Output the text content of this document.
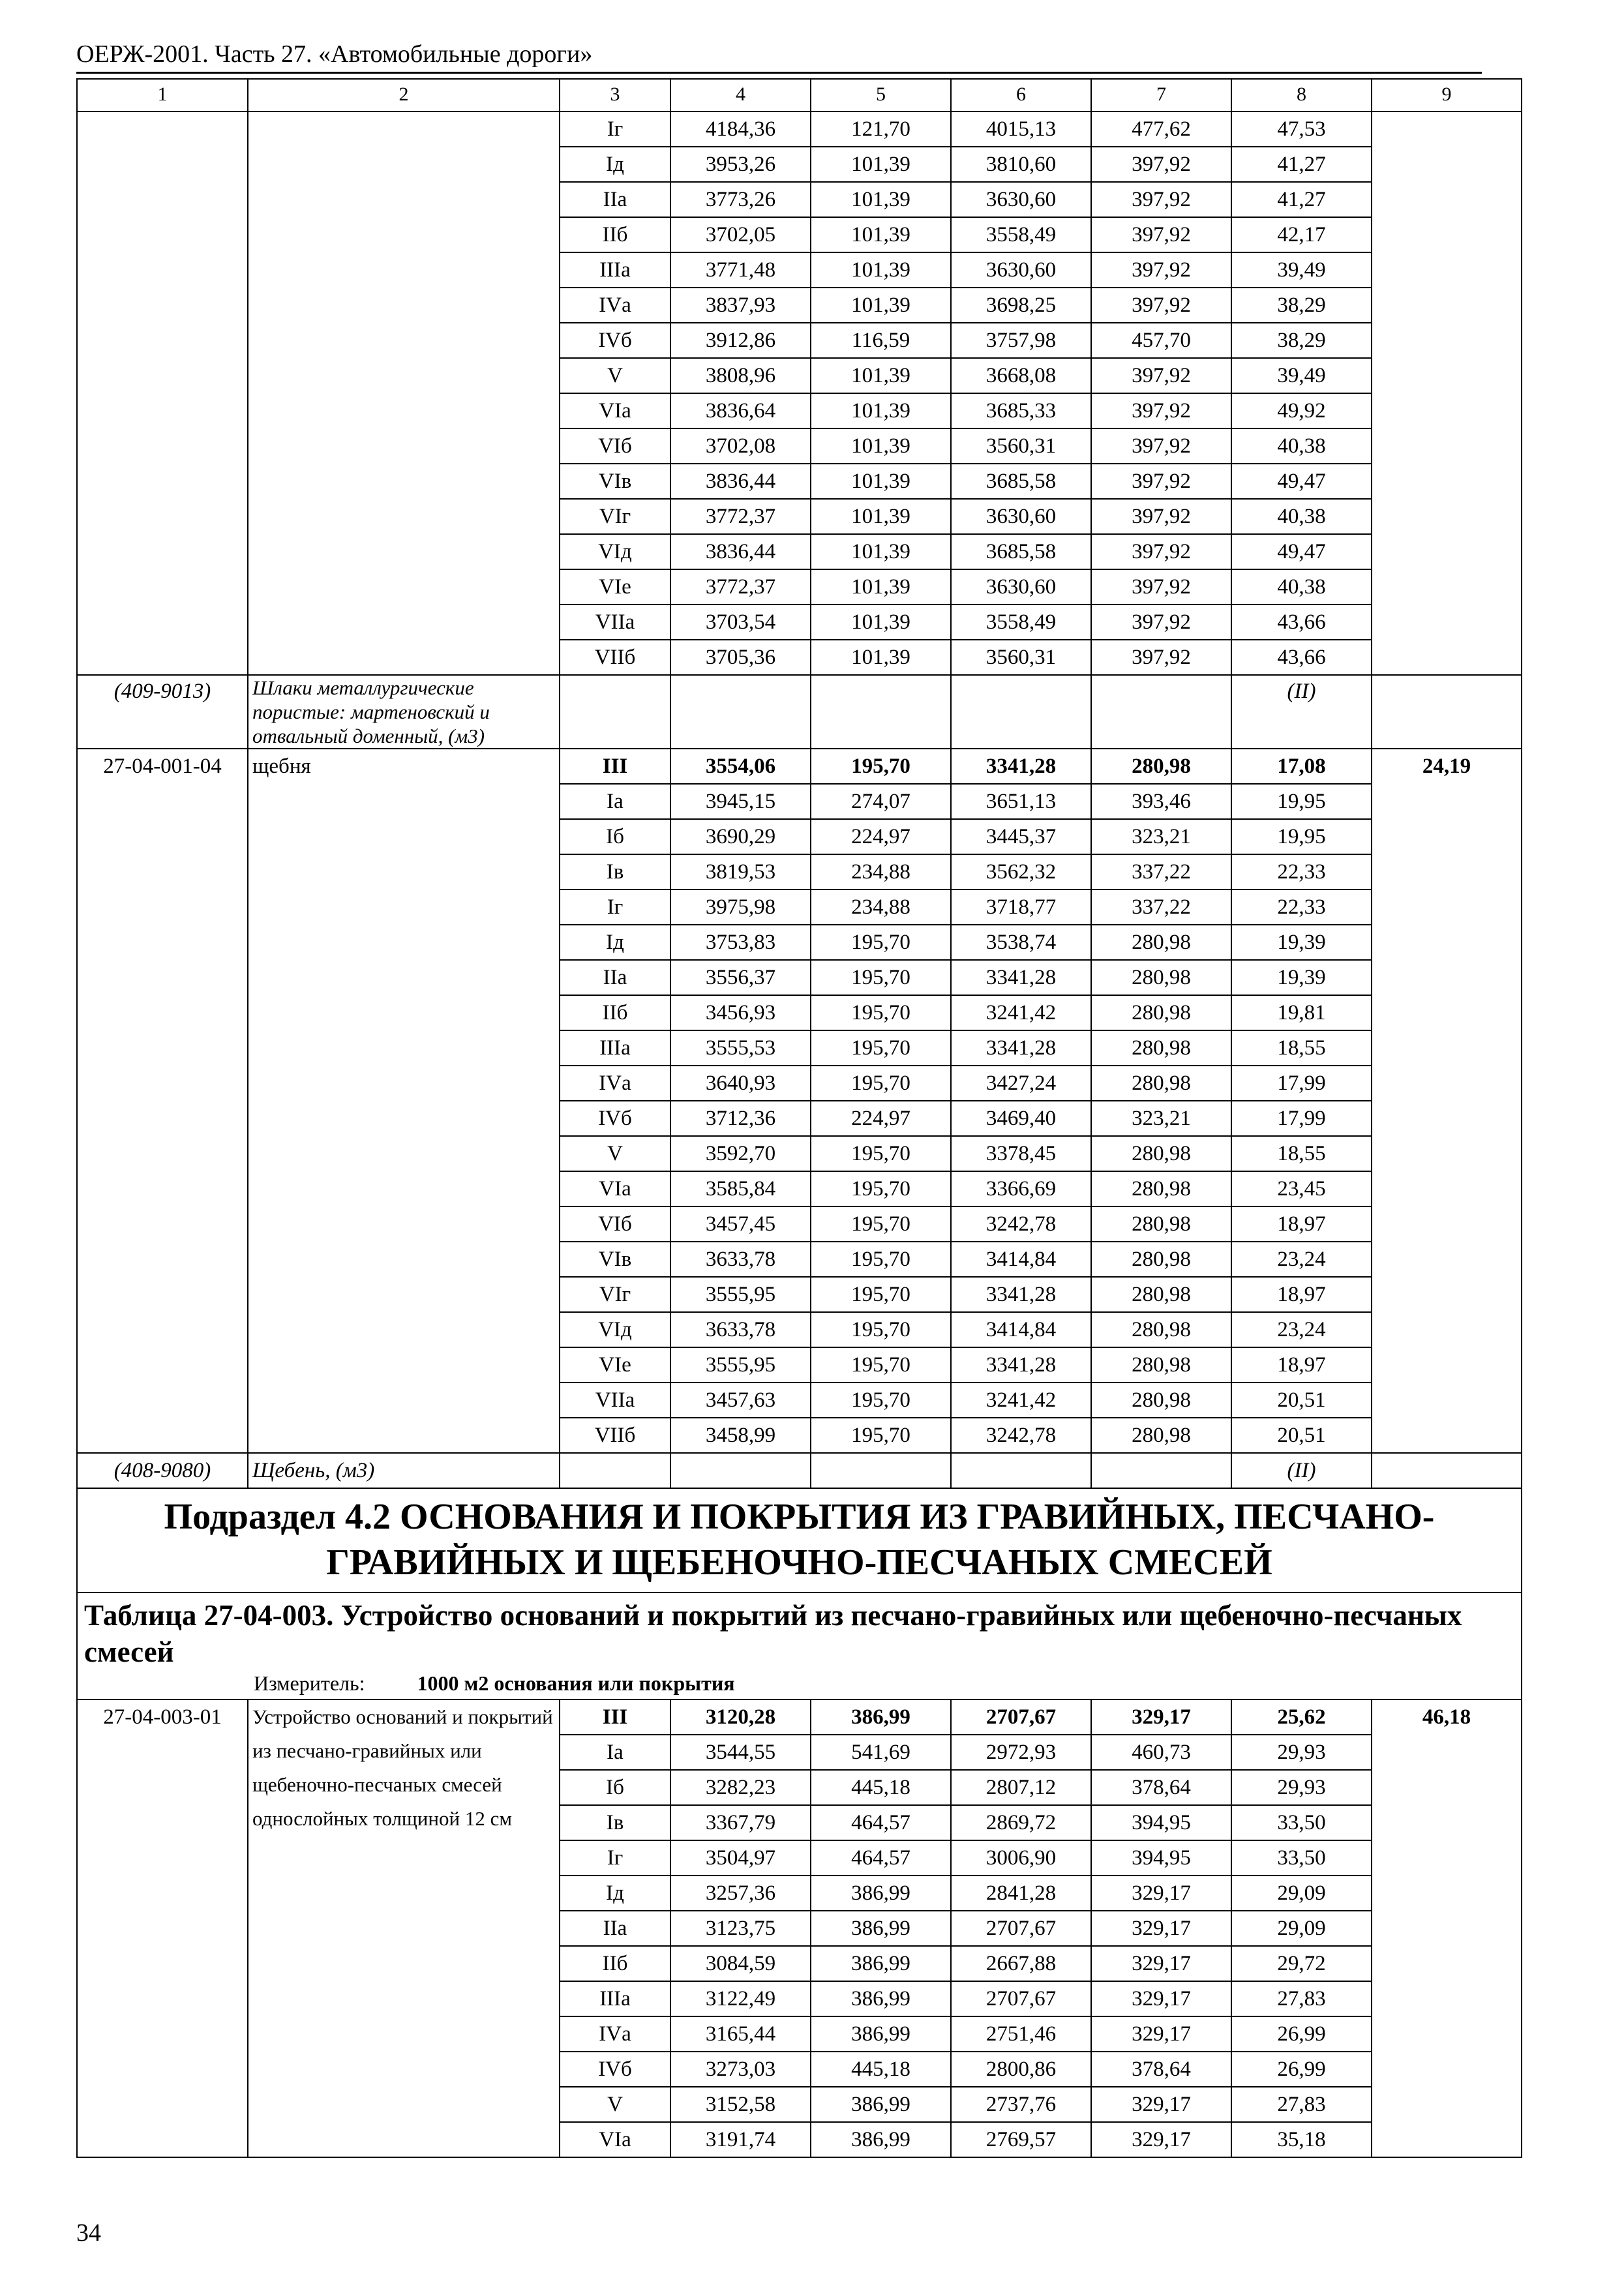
ОЕРЖ-2001. Часть 27. «Автомобильные дороги»
1	2	3	4	5	6	7	8	9
		Iг	4184,36	121,70	4015,13	477,62	47,53	
		Iд	3953,26	101,39	3810,60	397,92	41,27	
		IIа	3773,26	101,39	3630,60	397,92	41,27	
		IIб	3702,05	101,39	3558,49	397,92	42,17	
		IIIа	3771,48	101,39	3630,60	397,92	39,49	
		IVа	3837,93	101,39	3698,25	397,92	38,29	
		IVб	3912,86	116,59	3757,98	457,70	38,29	
		V	3808,96	101,39	3668,08	397,92	39,49	
		VIа	3836,64	101,39	3685,33	397,92	49,92	
		VIб	3702,08	101,39	3560,31	397,92	40,38	
		VIв	3836,44	101,39	3685,58	397,92	49,47	
		VIг	3772,37	101,39	3630,60	397,92	40,38	
		VIд	3836,44	101,39	3685,58	397,92	49,47	
		VIе	3772,37	101,39	3630,60	397,92	40,38	
		VIIа	3703,54	101,39	3558,49	397,92	43,66	
		VIIб	3705,36	101,39	3560,31	397,92	43,66	
(409-9013)	Шлаки металлургические пористые: мартеновский и отвальный доменный, (м3)						(II)	
27-04-001-04	щебня	III	3554,06	195,70	3341,28	280,98	17,08	24,19
		Iа	3945,15	274,07	3651,13	393,46	19,95	
		Iб	3690,29	224,97	3445,37	323,21	19,95	
		Iв	3819,53	234,88	3562,32	337,22	22,33	
		Iг	3975,98	234,88	3718,77	337,22	22,33	
		Iд	3753,83	195,70	3538,74	280,98	19,39	
		IIа	3556,37	195,70	3341,28	280,98	19,39	
		IIб	3456,93	195,70	3241,42	280,98	19,81	
		IIIа	3555,53	195,70	3341,28	280,98	18,55	
		IVа	3640,93	195,70	3427,24	280,98	17,99	
		IVб	3712,36	224,97	3469,40	323,21	17,99	
		V	3592,70	195,70	3378,45	280,98	18,55	
		VIа	3585,84	195,70	3366,69	280,98	23,45	
		VIб	3457,45	195,70	3242,78	280,98	18,97	
		VIв	3633,78	195,70	3414,84	280,98	23,24	
		VIг	3555,95	195,70	3341,28	280,98	18,97	
		VIд	3633,78	195,70	3414,84	280,98	23,24	
		VIе	3555,95	195,70	3341,28	280,98	18,97	
		VIIа	3457,63	195,70	3241,42	280,98	20,51	
		VIIб	3458,99	195,70	3242,78	280,98	20,51	
(408-9080)	Щебень, (м3)						(II)	
Подраздел 4.2 ОСНОВАНИЯ И ПОКРЫТИЯ ИЗ ГРАВИЙНЫХ, ПЕСЧАНО-ГРАВИЙНЫХ И ЩЕБЕНОЧНО-ПЕСЧАНЫХ СМЕСЕЙ								

Таблица 27-04-003. Устройство оснований и покрытий из песчано-гравийных или щебеночно-песчаных смесей
Измеритель: 1000 м2 основания или покрытия								

27-04-003-01	Устройство оснований и покрытий из песчано-гравийных или щебеночно-песчаных смесей однослойных толщиной 12 см	III	3120,28	386,99	2707,67	329,17	25,62	46,18
		Iа	3544,55	541,69	2972,93	460,73	29,93	
		Iб	3282,23	445,18	2807,12	378,64	29,93	
		Iв	3367,79	464,57	2869,72	394,95	33,50	
		Iг	3504,97	464,57	3006,90	394,95	33,50	
		Iд	3257,36	386,99	2841,28	329,17	29,09	
		IIа	3123,75	386,99	2707,67	329,17	29,09	
		IIб	3084,59	386,99	2667,88	329,17	29,72	
		IIIа	3122,49	386,99	2707,67	329,17	27,83	
		IVа	3165,44	386,99	2751,46	329,17	26,99	
		IVб	3273,03	445,18	2800,86	378,64	26,99	
		V	3152,58	386,99	2737,76	329,17	27,83	
		VIа	3191,74	386,99	2769,57	329,17	35,18	
34
